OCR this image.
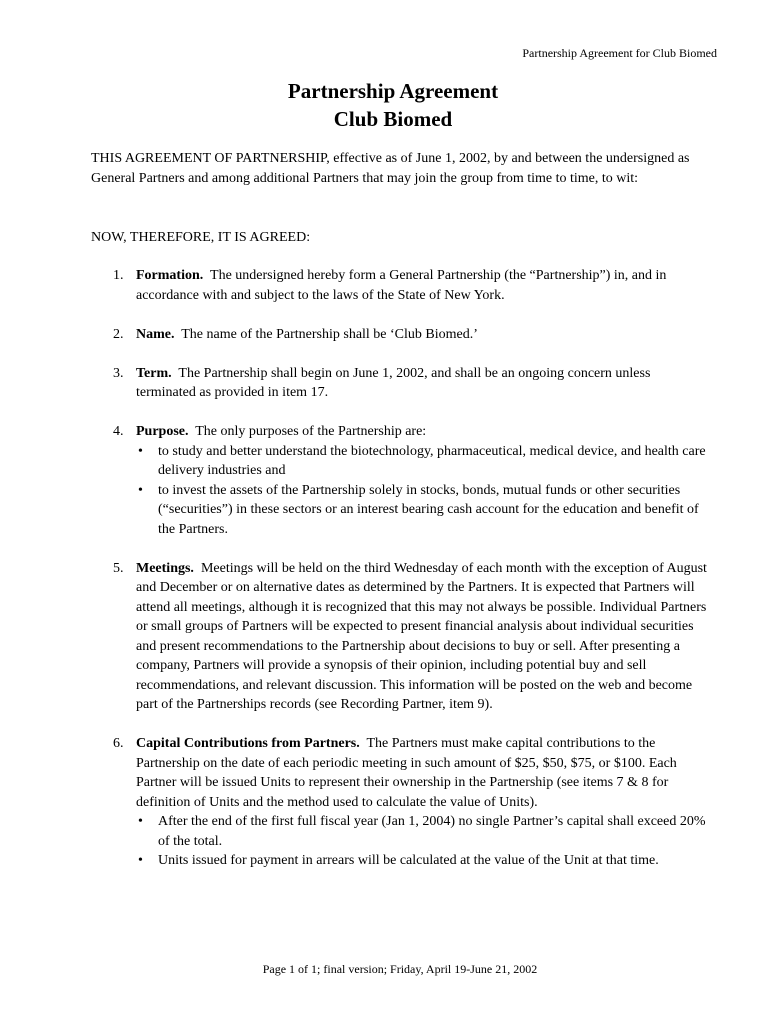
Partnership Agreement for Club Biomed
Partnership Agreement
Club Biomed
THIS AGREEMENT OF PARTNERSHIP, effective as of June 1, 2002, by and between the undersigned as General Partners and among additional Partners that may join the group from time to time, to wit:
NOW, THEREFORE, IT IS AGREED:
1. Formation. The undersigned hereby form a General Partnership (the “Partnership”) in, and in accordance with and subject to the laws of the State of New York.
2. Name. The name of the Partnership shall be ‘Club Biomed.’
3. Term. The Partnership shall begin on June 1, 2002, and shall be an ongoing concern unless terminated as provided in item 17.
4. Purpose. The only purposes of the Partnership are:
• to study and better understand the biotechnology, pharmaceutical, medical device, and health care delivery industries and
• to invest the assets of the Partnership solely in stocks, bonds, mutual funds or other securities (“securities”) in these sectors or an interest bearing cash account for the education and benefit of the Partners.
5. Meetings. Meetings will be held on the third Wednesday of each month with the exception of August and December or on alternative dates as determined by the Partners. It is expected that Partners will attend all meetings, although it is recognized that this may not always be possible. Individual Partners or small groups of Partners will be expected to present financial analysis about individual securities and present recommendations to the Partnership about decisions to buy or sell. After presenting a company, Partners will provide a synopsis of their opinion, including potential buy and sell recommendations, and relevant discussion. This information will be posted on the web and become part of the Partnerships records (see Recording Partner, item 9).
6. Capital Contributions from Partners. The Partners must make capital contributions to the Partnership on the date of each periodic meeting in such amount of $25, $50, $75, or $100. Each Partner will be issued Units to represent their ownership in the Partnership (see items 7 & 8 for definition of Units and the method used to calculate the value of Units).
• After the end of the first full fiscal year (Jan 1, 2004) no single Partner’s capital shall exceed 20% of the total.
• Units issued for payment in arrears will be calculated at the value of the Unit at that time.
Page 1 of 1; final version; Friday, April 19-June 21, 2002
